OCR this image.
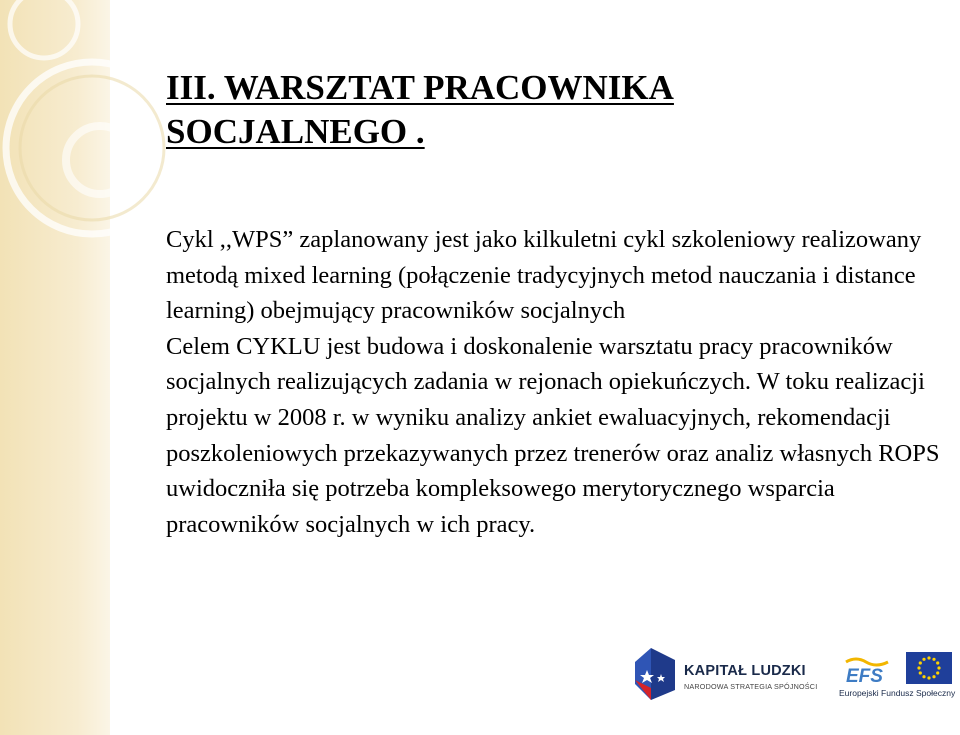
III. WARSZTAT PRACOWNIKA SOCJALNEGO .

Cykl ,,WPS” zaplanowany jest jako kilkuletni cykl szkoleniowy realizowany metodą mixed learning (połączenie tradycyjnych metod nauczania i distance learning) obejmujący pracowników socjalnych

Celem CYKLU jest budowa i doskonalenie warsztatu pracy pracowników socjalnych realizujących zadania w rejonach opiekuńczych. W toku realizacji projektu w 2008 r. w wyniku analizy ankiet ewaluacyjnych, rekomendacji poszkoleniowych przekazywanych przez trenerów oraz analiz własnych ROPS uwidoczniła się potrzeba kompleksowego merytorycznego wsparcia pracowników socjalnych w ich pracy.

KAPITAŁ LUDZKI
NARODOWA STRATEGIA SPÓJNOŚCI EFS
Europejski Fundusz Społeczny
